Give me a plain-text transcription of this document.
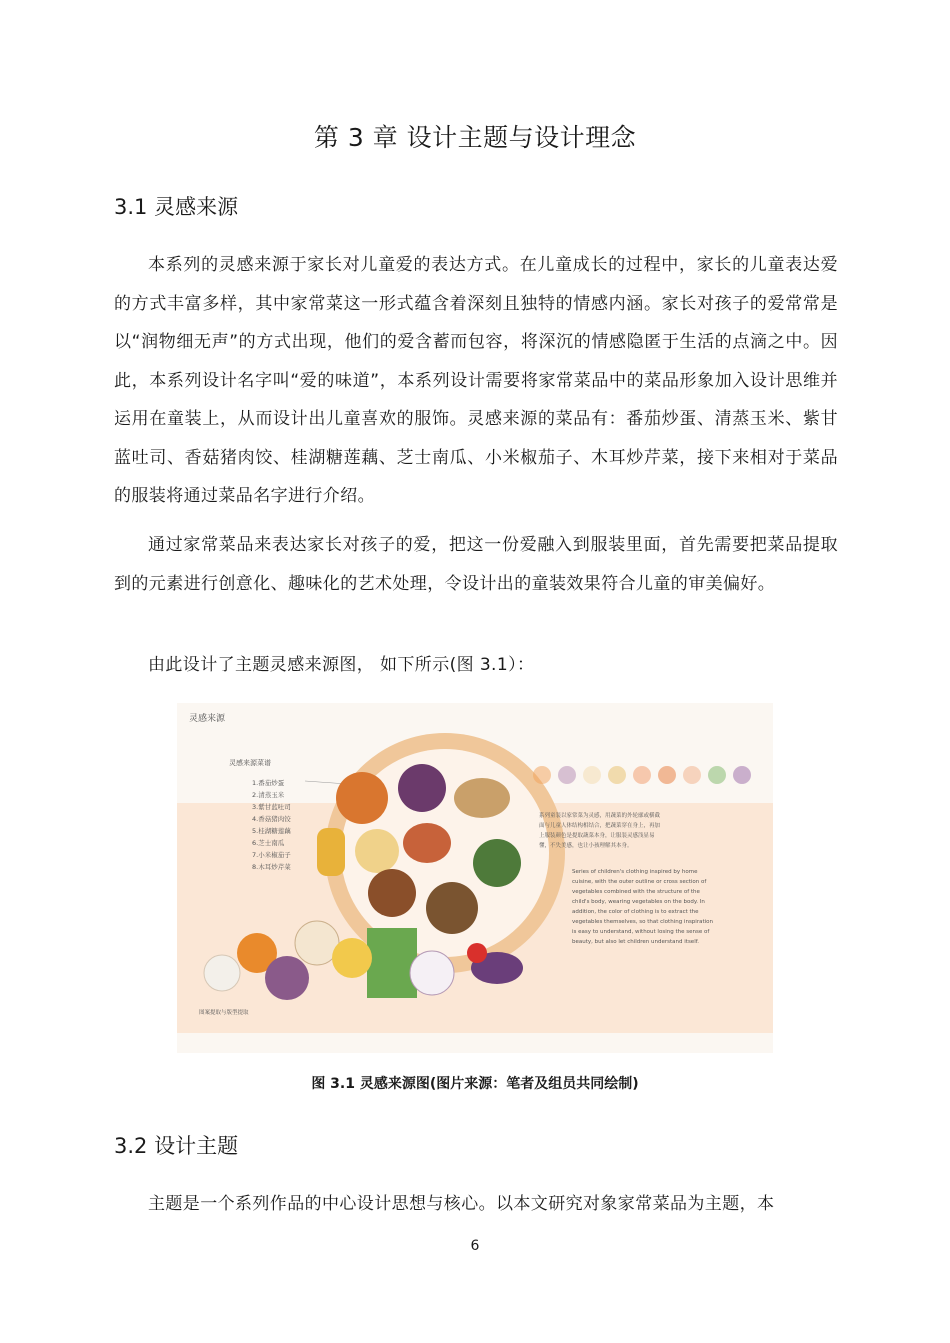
第 3 章 设计主题与设计理念
3.1 灵感来源

本系列的灵感来源于家长对儿童爱的表达方式。在儿童成长的过程中，家长的儿童表达爱的方式丰富多样，其中家常菜这一形式蕴含着深刻且独特的情感内涵。家长对孩子的爱常常是以“润物细无声”的方式出现，他们的爱含蓄而包容，将深沉的情感隐匿于生活的点滴之中。因此，本系列设计名字叫“爱的味道”，本系列设计需要将家常菜品中的菜品形象加入设计思维并运用在童装上，从而设计出儿童喜欢的服饰。灵感来源的菜品有：番茄炒蛋、清蒸玉米、紫甘蓝吐司、香菇猪肉饺、桂湖糖莲藕、芝士南瓜、小米椒茄子、木耳炒芹菜，接下来相对于菜品的服装将通过菜品名字进行介绍。

通过家常菜品来表达家长对孩子的爱，把这一份爱融入到服装里面，首先需要把菜品提取到的元素进行创意化、趣味化的艺术处理，令设计出的童装效果符合儿童的审美偏好。

由此设计了主题灵感来源图， 如下所示(图 3.1）：

灵感来源
灵感来源菜谱
1.番茄炒蛋
2.清蒸玉米
3.紫甘蓝吐司
4.香菇猪肉饺
5.桂湖糖莲藕
6.芝士南瓜
7.小米椒茄子
8.木耳炒芹菜
系列童装以家常菜为灵感，用蔬菜的外轮廓或横截
面与儿童人体结构相结合，把蔬菜穿在身上，再加
上服装颜色是提取蔬菜本身，让服装灵感浅显易
懂，不失美感，也让小孩理解其本身。
Series of children's clothing inspired by home
cuisine, with the outer outline or cross section of
vegetables combined with the structure of the
child's body, wearing vegetables on the body. In
addition, the color of clothing is to extract the
vegetables themselves, so that clothing inspiration
is easy to understand, without losing the sense of
beauty, but also let children understand itself.
图案提取与版型提取
图 3.1 灵感来源图(图片来源：笔者及组员共同绘制)
3.2 设计主题

主题是一个系列作品的中心设计思想与核心。以本文研究对象家常菜品为主题，本

6
